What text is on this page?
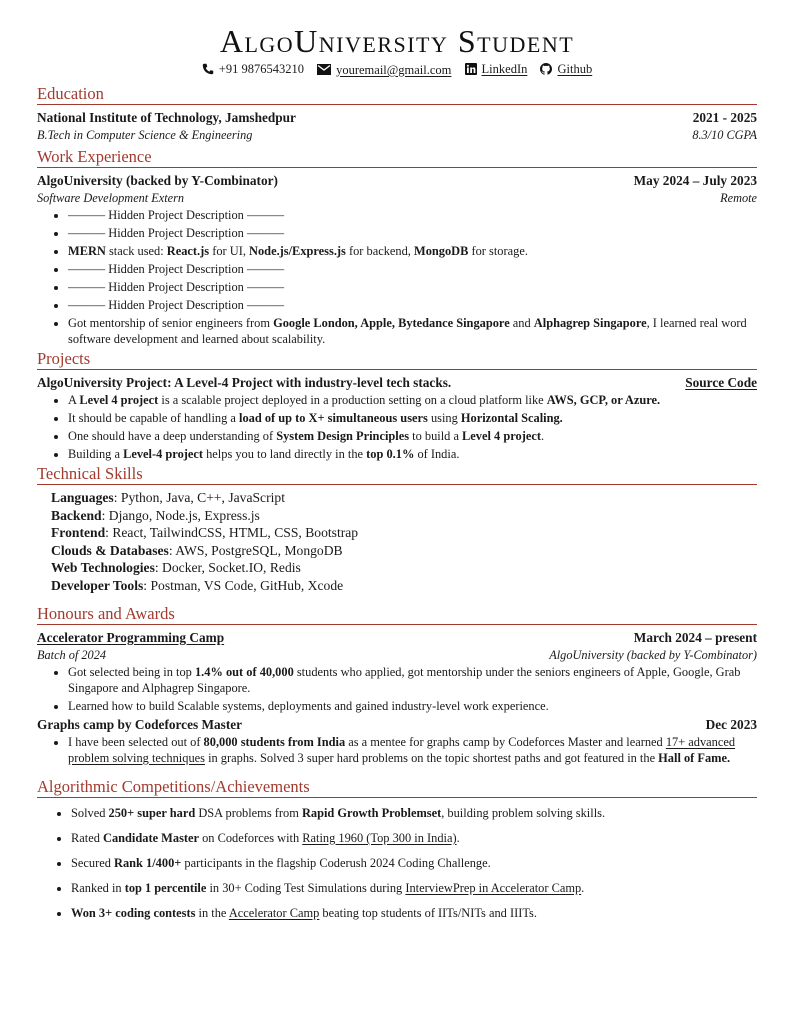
AlgoUniversity Student
+91 9876543210
	youremail@gmail.com
LinkedIn
Github
Education
National Institute of Technology, Jamshedpur	2021 - 2025
B.Tech in Computer Science & Engineering	8.3/10 CGPA
Work Experience
AlgoUniversity (backed by Y-Combinator)	May 2024 – July 2023
Software Development Extern	Remote
• ——— Hidden Project Description ———
• ——— Hidden Project Description ———
• MERN stack used: React.js for UI, Node.js/Express.js for backend, MongoDB for storage.
• ——— Hidden Project Description ———
• ——— Hidden Project Description ———
• ——— Hidden Project Description ———
• Got mentorship of senior engineers from Google London, Apple, Bytedance Singapore and Alphagrep Singapore, I learned real word software development and learned about scalability.
Projects
AlgoUniversity Project: A Level-4 Project with industry-level tech stacks.	Source Code
• A Level 4 project is a scalable project deployed in a production setting on a cloud platform like AWS, GCP, or Azure.
• It should be capable of handling a load of up to X+ simultaneous users using Horizontal Scaling.
• One should have a deep understanding of System Design Principles to build a Level 4 project.
• Building a Level-4 project helps you to land directly in the top 0.1% of India.
Technical Skills
Languages: Python, Java, C++, JavaScript
Backend: Django, Node.js, Express.js
Frontend: React, TailwindCSS, HTML, CSS, Bootstrap
Clouds & Databases: AWS, PostgreSQL, MongoDB
Web Technologies: Docker, Socket.IO, Redis
Developer Tools: Postman, VS Code, GitHub, Xcode
Honours and Awards
Accelerator Programming Camp	March 2024 – present
Batch of 2024	AlgoUniversity (backed by Y-Combinator)
• Got selected being in top 1.4% out of 40,000 students who applied, got mentorship under the seniors engineers of Apple, Google, Grab Singapore and Alphagrep Singapore.
• Learned how to build Scalable systems, deployments and gained industry-level work experience.
Graphs camp by Codeforces Master	Dec 2023
• I have been selected out of 80,000 students from India as a mentee for graphs camp by Codeforces Master and learned 17+ advanced problem solving techniques in graphs. Solved 3 super hard problems on the topic shortest paths and got featured in the Hall of Fame.
Algorithmic Competitions/Achievements
• Solved 250+ super hard DSA problems from Rapid Growth Problemset, building problem solving skills.
• Rated Candidate Master on Codeforces with Rating 1960 (Top 300 in India).
• Secured Rank 1/400+ participants in the flagship Coderush 2024 Coding Challenge.
• Ranked in top 1 percentile in 30+ Coding Test Simulations during InterviewPrep in Accelerator Camp.
• Won 3+ coding contests in the Accelerator Camp beating top students of IITs/NITs and IIITs.
